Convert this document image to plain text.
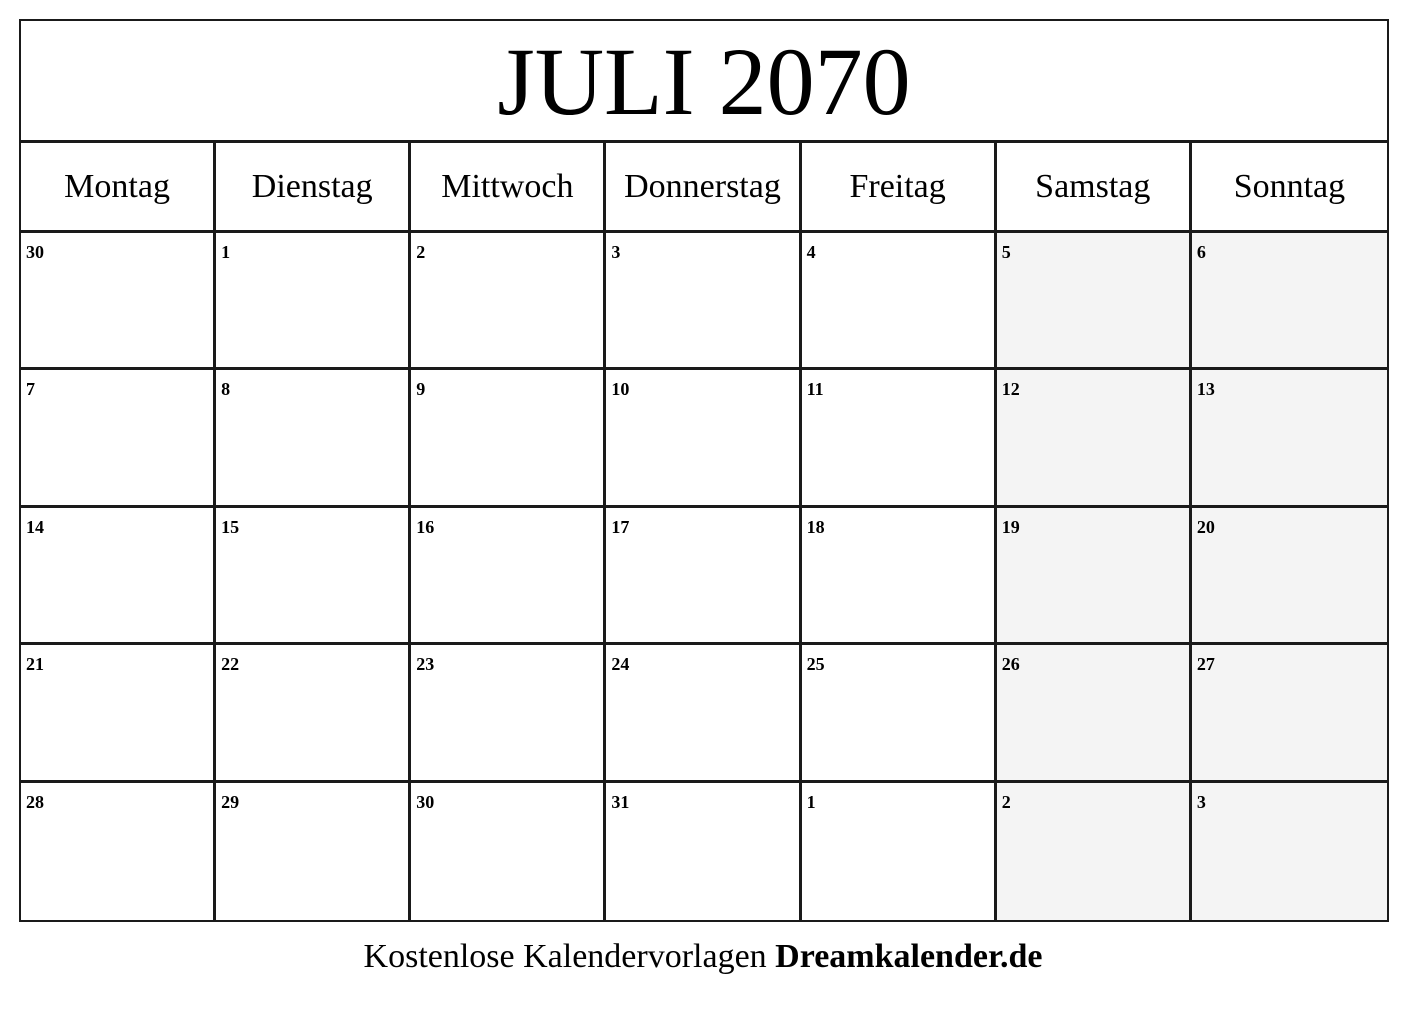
JULI 2070
Montag	Dienstag	Mittwoch	Donnerstag	Freitag	Samstag	Sonntag
30	1	2	3	4	5	6
7	8	9	10	11	12	13
14	15	16	17	18	19	20
21	22	23	24	25	26	27
28	29	30	31	1	2	3
Kostenlose Kalendervorlagen Dreamkalender.de
